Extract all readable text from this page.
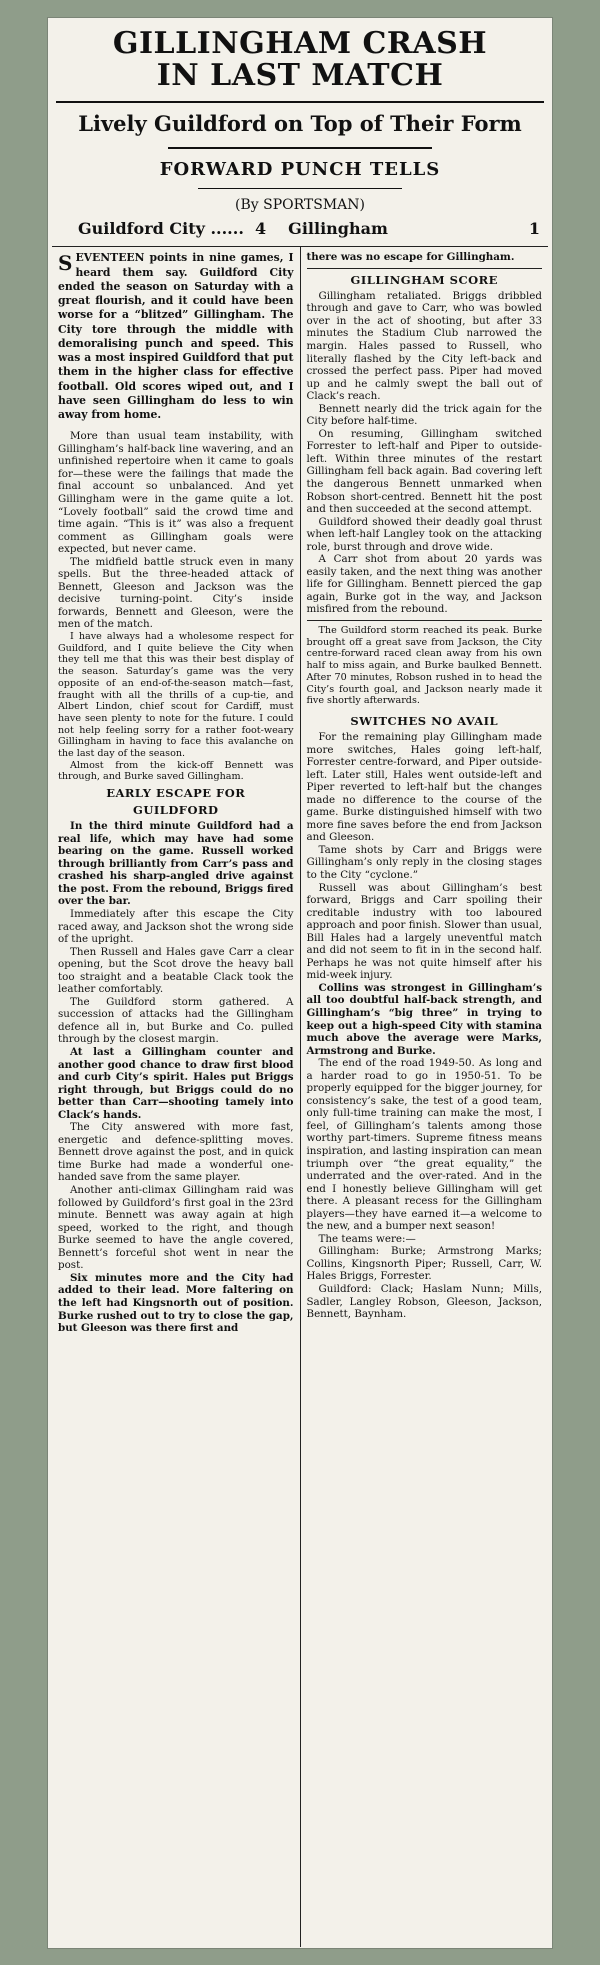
GILLINGHAM CRASH
IN LAST MATCH
Lively Guildford on Top of Their Form
FORWARD PUNCH TELLS
(By SPORTSMAN)
Guildford City
......
4 Gillingham	1

SEVENTEEN points in nine games, I heard them say. Guildford City ended the season on Saturday with a great flourish, and it could have been worse for a “blitzed” Gillingham. The City tore through the middle with demoralising punch and speed. This was a most inspired Guildford that put them in the higher class for effective football. Old scores wiped out, and I have seen Gillingham do less to win away from home.

More than usual team instability, with Gillingham’s half-back line wavering, and an unfinished repertoire when it came to goals for—these were the failings that made the final account so unbalanced. And yet Gillingham were in the game quite a lot. “Lovely football” said the crowd time and time again. “This is it” was also a frequent comment as Gillingham goals were expected, but never came.

The midfield battle struck even in many spells. But the three-headed attack of Bennett, Gleeson and Jackson was the decisive turning-point. City’s inside forwards, Bennett and Gleeson, were the men of the match.

I have always had a wholesome respect for Guildford, and I quite believe the City when they tell me that this was their best display of the season. Saturday’s game was the very opposite of an end-of-the-season match—fast, fraught with all the thrills of a cup-tie, and Albert Lindon, chief scout for Cardiff, must have seen plenty to note for the future. I could not help feeling sorry for a rather foot-weary Gillingham in having to face this avalanche on the last day of the season.

Almost from the kick-off Bennett was through, and Burke saved Gillingham.

EARLY ESCAPE FOR

GUILDFORD

In the third minute Guildford had a real life, which may have had some bearing on the game. Russell worked through brilliantly from Carr’s pass and crashed his sharp-angled drive against the post. From the rebound, Briggs fired over the bar.

Immediately after this escape the City raced away, and Jackson shot the wrong side of the upright.

Then Russell and Hales gave Carr a clear opening, but the Scot drove the heavy ball too straight and a beatable Clack took the leather comfortably.

The Guildford storm gathered. A succession of attacks had the Gillingham defence all in, but Burke and Co. pulled through by the closest margin.

At last a Gillingham counter and another good chance to draw first blood and curb City’s spirit. Hales put Briggs right through, but Briggs could do no better than Carr—shooting tamely into Clack’s hands.

The City answered with more fast, energetic and defence-splitting moves. Bennett drove against the post, and in quick time Burke had made a wonderful one-handed save from the same player.

Another anti-climax Gillingham raid was followed by Guildford’s first goal in the 23rd minute. Bennett was away again at high speed, worked to the right, and though Burke seemed to have the angle covered, Bennett’s forceful shot went in near the post.

Six minutes more and the City had added to their lead. More faltering on the left had Kingsnorth out of position. Burke rushed out to try to close the gap, but Gleeson was there first and

there was no escape for Gillingham.

GILLINGHAM SCORE

Gillingham retaliated. Briggs dribbled through and gave to Carr, who was bowled over in the act of shooting, but after 33 minutes the Stadium Club narrowed the margin. Hales passed to Russell, who literally flashed by the City left-back and crossed the perfect pass. Piper had moved up and he calmly swept the ball out of Clack’s reach.

Bennett nearly did the trick again for the City before half-time.

On resuming, Gillingham switched Forrester to left-half and Piper to outside-left. Within three minutes of the restart Gillingham fell back again. Bad covering left the dangerous Bennett unmarked when Robson short-centred. Bennett hit the post and then succeeded at the second attempt.

Guildford showed their deadly goal thrust when left-half Langley took on the attacking role, burst through and drove wide.

A Carr shot from about 20 yards was easily taken, and the next thing was another life for Gillingham. Bennett pierced the gap again, Burke got in the way, and Jackson misfired from the rebound.

The Guildford storm reached its peak. Burke brought off a great save from Jackson, the City centre-forward raced clean away from his own half to miss again, and Burke baulked Bennett. After 70 minutes, Robson rushed in to head the City’s fourth goal, and Jackson nearly made it five shortly afterwards.

SWITCHES NO AVAIL

For the remaining play Gillingham made more switches, Hales going left-half, Forrester centre-forward, and Piper outside-left. Later still, Hales went outside-left and Piper reverted to left-half but the changes made no difference to the course of the game. Burke distinguished himself with two more fine saves before the end from Jackson and Gleeson.

Tame shots by Carr and Briggs were Gillingham’s only reply in the closing stages to the City “cyclone.”

Russell was about Gillingham’s best forward, Briggs and Carr spoiling their creditable industry with too laboured approach and poor finish. Slower than usual, Bill Hales had a largely uneventful match and did not seem to fit in in the second half. Perhaps he was not quite himself after his mid-week injury.

Collins was strongest in Gillingham’s all too doubtful half-back strength, and Gillingham’s “big three” in trying to keep out a high-speed City with stamina much above the average were Marks, Armstrong and Burke.

The end of the road 1949-50. As long and a harder road to go in 1950-51. To be properly equipped for the bigger journey, for consistency’s sake, the test of a good team, only full-time training can make the most, I feel, of Gillingham’s talents among those worthy part-timers. Supreme fitness means inspiration, and lasting inspiration can mean triumph over “the great equality,” the underrated and the over-rated. And in the end I honestly believe Gillingham will get there. A pleasant recess for the Gillingham players—they have earned it—a welcome to the new, and a bumper next season!

The teams were:—

Gillingham: Burke; Armstrong Marks; Collins, Kingsnorth Piper; Russell, Carr, W. Hales Briggs, Forrester.

Guildford: Clack; Haslam Nunn; Mills, Sadler, Langley Robson, Gleeson, Jackson, Bennett, Baynham.
